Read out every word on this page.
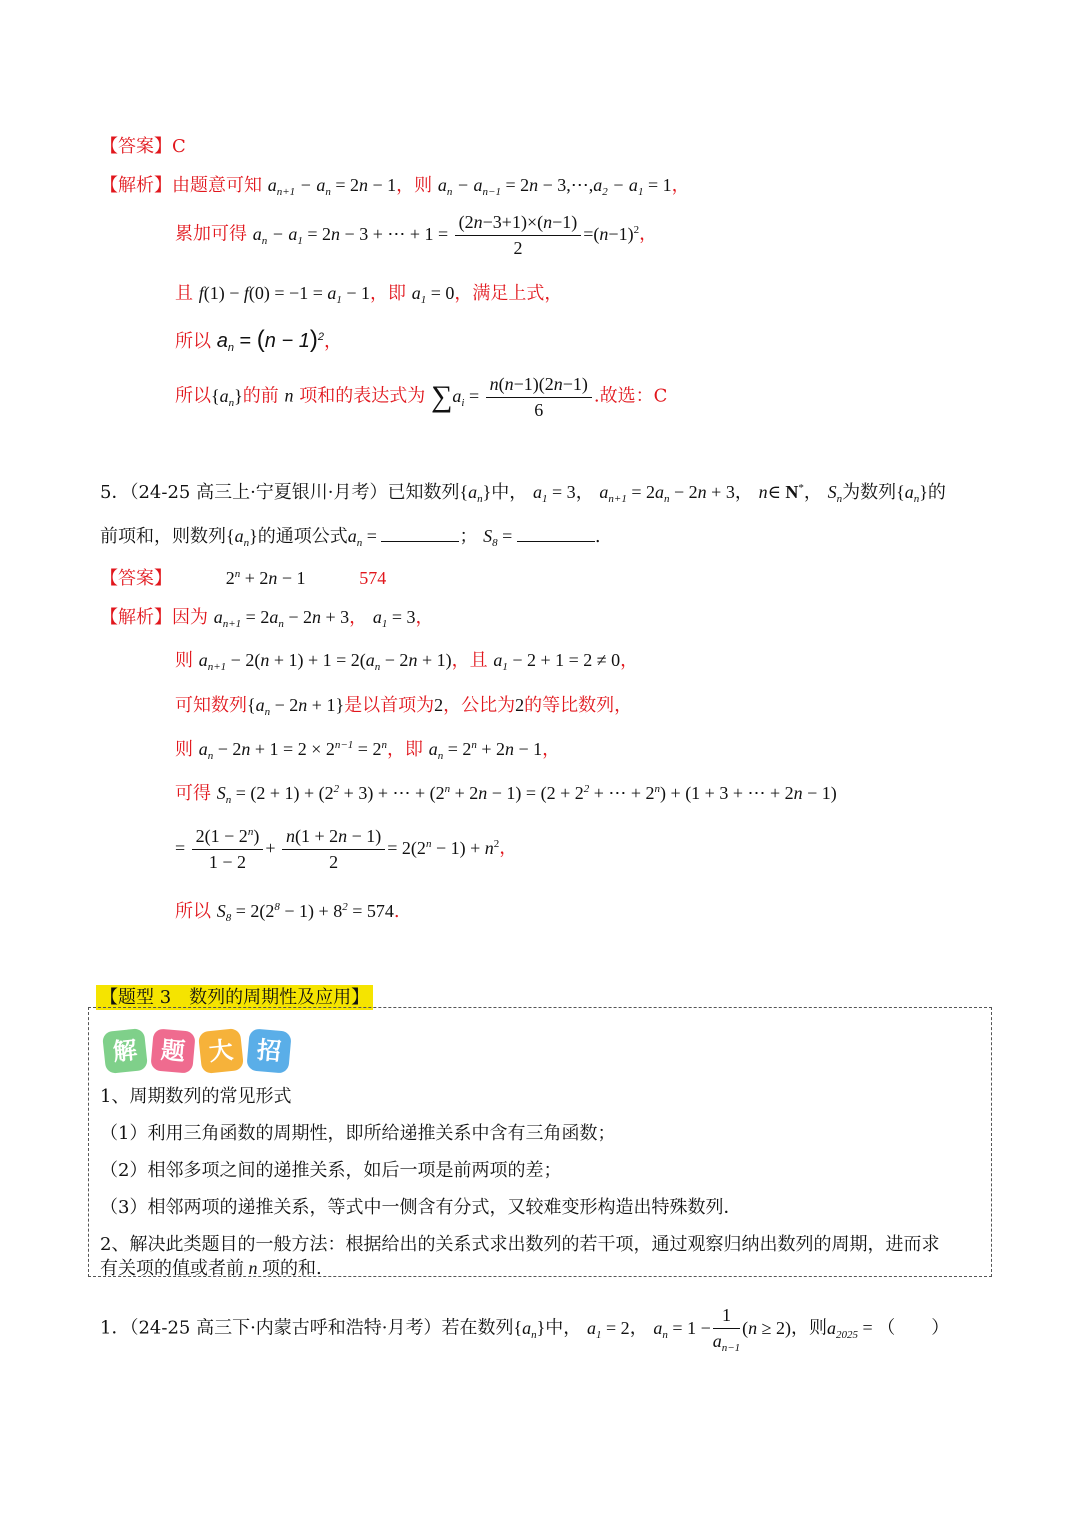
【答案】C
【解析】由题意可知 $a_{n+1} - a_n = 2n - 1$，则 $a_n - a_{n-1} = 2n$ − $3,\cdots,a_2 - a_1 = 1$，
累加可得 $a_n - a_1 = 2n - 3$ + ⋯ + $1 = \frac{(2n-3+1)\times(n-1)}{2} =(n-1)^2$，
且 $f(1) - f(0) = -1 = a_1 - 1$，即 $a_1 = 0$，满足上式，
所以 $a_n = (n - 1)^2$，
所以$\{a_n\}$的前 n 项和的表达式为 $\sum a_i = \frac{n(n-1)(2n-1)}{6}$ .故选：C
5．（24-25 高三上·宁夏银川·月考）已知数列$\{a_n\}$中， $a_1 = 3$， $a_{n+1} = 2a_n - 2n + 3$， n∈ N*， $S_n$为数列$\{a_n\}$的
前项和，则数列$\{a_n\}$的通项公式$a_n$ =	； $S_8$ =	.
【答案】	$2^n + 2n - 1$	574
【解析】因为 $a_{n+1} = 2a_n - 2n + 3$， $a_1 = 3$，
则 $a_{n+1} - 2(n + 1) + 1 = 2(a_n - 2n + 1)$，且 $a_1 - 2 + 1 = 2 \ne 0$，
可知数列$\{a_n - 2n + 1\}$是以首项为2，公比为2的等比数列，
则 $a_n - 2n + 1 = 2 \times 2^{n-1} = 2^n$，即 $a_n = 2^n + 2n - 1$，
可得 $S_n = (2 + 1) + (2^2 + 3)$ + ⋯ + $(2^n + 2n - 1) = (2 + 2^2$ + ⋯ + $2^n) + (1 + 3$ + ⋯ + 2n − 1)
= $\frac{2(1 - 2^n)}{1 - 2} + \frac{n(1 + 2n - 1)}{2} = 2(2^n - 1) + n^2$，
所以 $S_8 = 2(2^8 - 1) + 8^2 = 574$.
【题型 3　数列的周期性及应用】
解 题 大 招
1、周期数列的常见形式
（1）利用三角函数的周期性，即所给递推关系中含有三角函数；
（2）相邻多项之间的递推关系，如后一项是前两项的差；
（3）相邻两项的递推关系，等式中一侧含有分式，又较难变形构造出特殊数列．
2、解决此类题目的一般方法：根据给出的关系式求出数列的若干项，通过观察归纳出数列的周期，进而求
有关项的值或者前 n 项的和.
1．（24-25 高三下·内蒙古呼和浩特·月考）若在数列$\{a_n\}$中， $a_1 = 2$， $a_n = 1 - \frac{1}{a_{n-1}} (n \ge 2)$，则$a_{2025}$ = （　　）
